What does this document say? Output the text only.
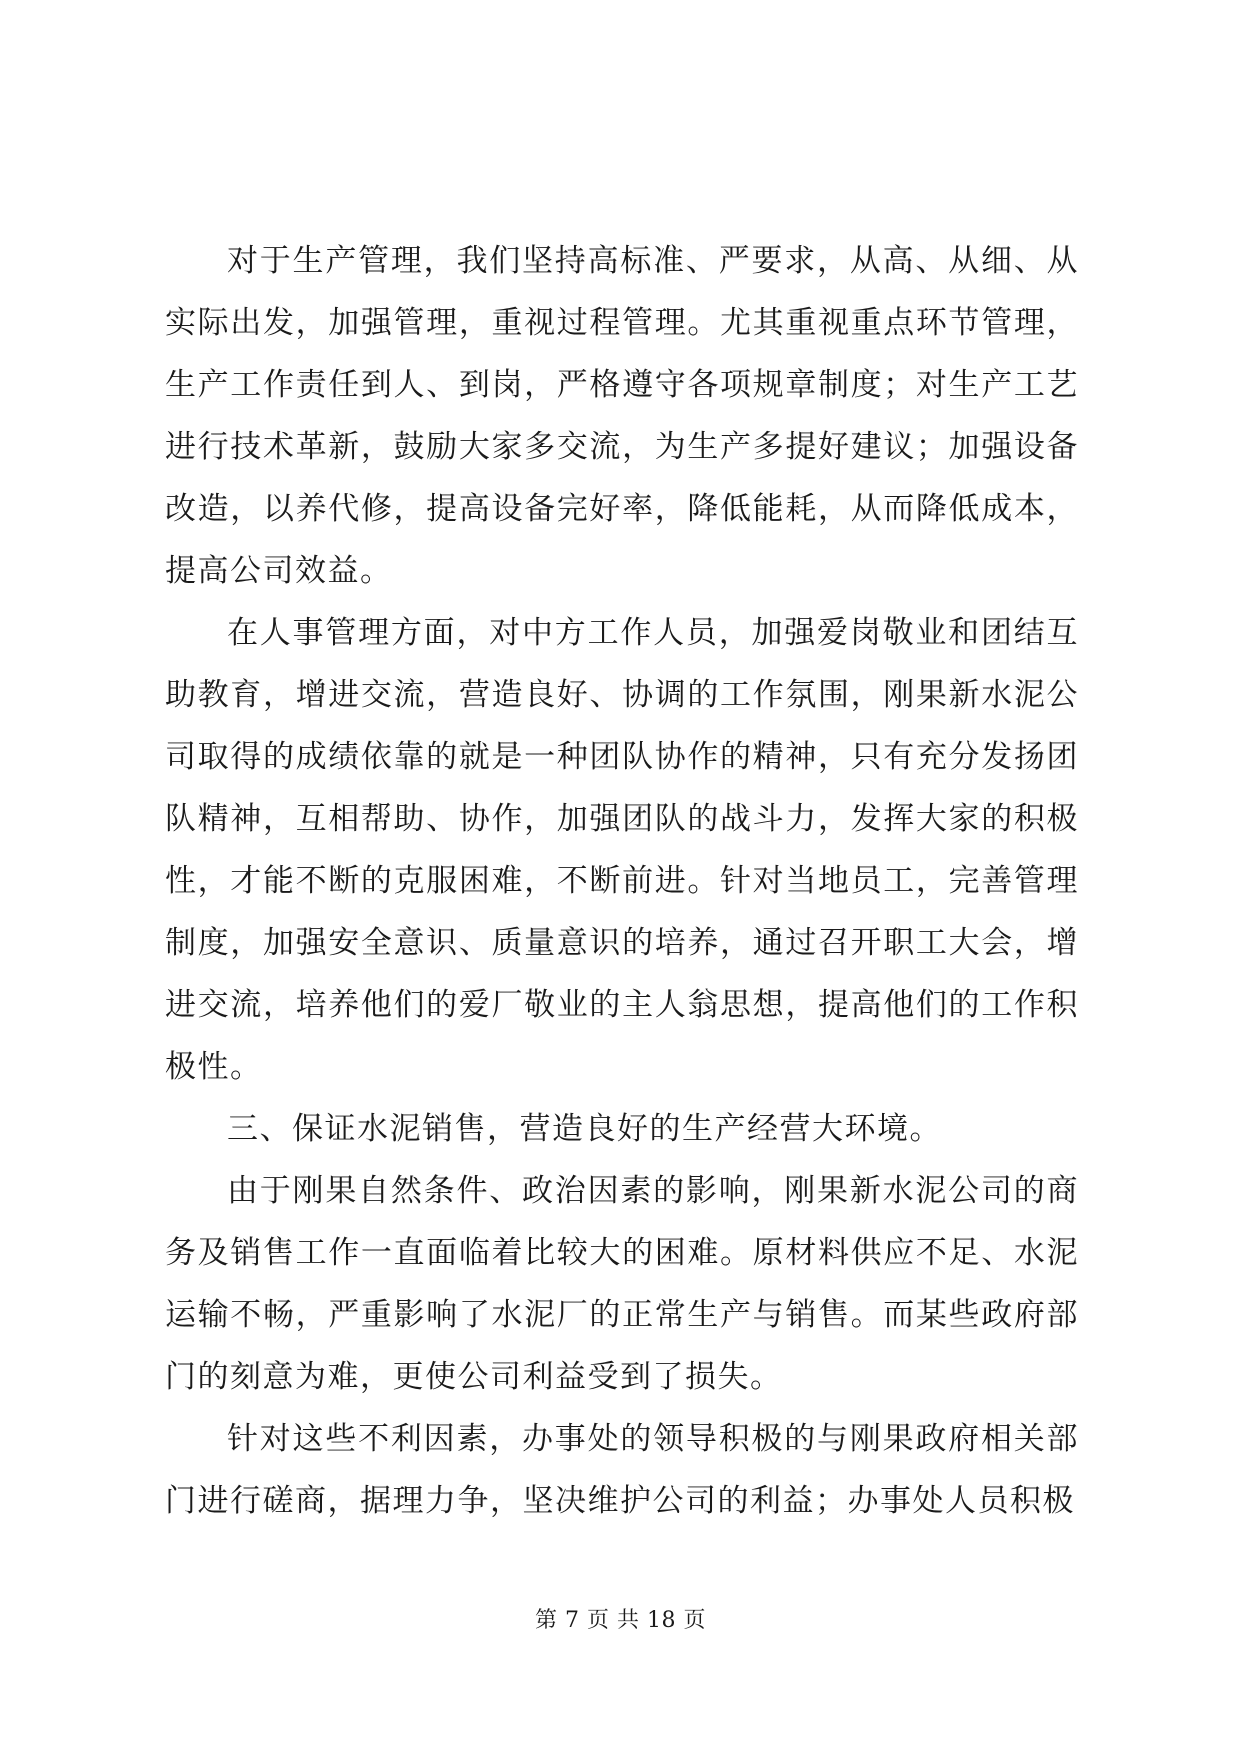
对于生产管理，我们坚持高标准、严要求，从高、从细、从实际出发，加强管理，重视过程管理。尤其重视重点环节管理，生产工作责任到人、到岗，严格遵守各项规章制度；对生产工艺进行技术革新，鼓励大家多交流，为生产多提好建议；加强设备改造，以养代修，提高设备完好率，降低能耗，从而降低成本，提高公司效益。

在人事管理方面，对中方工作人员，加强爱岗敬业和团结互助教育，增进交流，营造良好、协调的工作氛围，刚果新水泥公司取得的成绩依靠的就是一种团队协作的精神，只有充分发扬团队精神，互相帮助、协作，加强团队的战斗力，发挥大家的积极性，才能不断的克服困难，不断前进。针对当地员工，完善管理制度，加强安全意识、质量意识的培养，通过召开职工大会，增进交流，培养他们的爱厂敬业的主人翁思想，提高他们的工作积极性。

三、保证水泥销售，营造良好的生产经营大环境。

由于刚果自然条件、政治因素的影响，刚果新水泥公司的商务及销售工作一直面临着比较大的困难。原材料供应不足、水泥运输不畅，严重影响了水泥厂的正常生产与销售。而某些政府部门的刻意为难，更使公司利益受到了损失。

针对这些不利因素，办事处的领导积极的与刚果政府相关部门进行磋商，据理力争，坚决维护公司的利益；办事处人员积极

第 7 页 共 18 页
